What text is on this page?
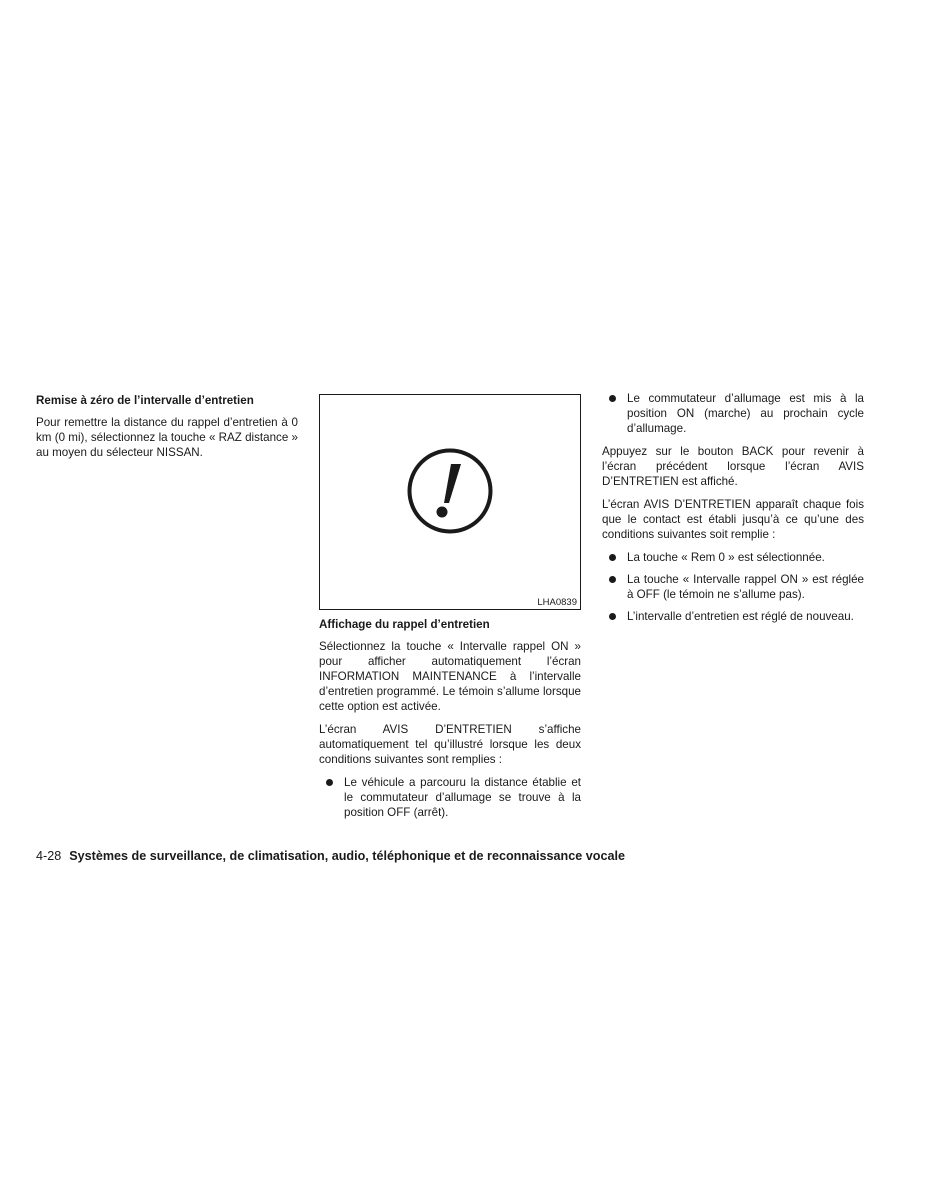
Remise à zéro de l’intervalle d’entretien

Pour remettre la distance du rappel d’entretien à 0 km (0 mi), sélectionnez la touche « RAZ distance » au moyen du sélecteur NISSAN.

LHA0839
Affichage du rappel d’entretien

Sélectionnez la touche « Intervalle rappel ON » pour afficher automatiquement l’écran INFORMATION MAINTENANCE à l’intervalle d’entretien programmé. Le témoin s’allume lorsque cette option est activée.

L’écran AVIS D’ENTRETIEN s’affiche automatiquement tel qu’illustré lorsque les deux conditions suivantes sont remplies :

Le véhicule a parcouru la distance établie et le commutateur d’allumage se trouve à la position OFF (arrêt).
Le commutateur d’allumage est mis à la position ON (marche) au prochain cycle d’allumage.

Appuyez sur le bouton BACK pour revenir à l’écran précédent lorsque l’écran AVIS D’ENTRETIEN est affiché.

L’écran AVIS D’ENTRETIEN apparaît chaque fois que le contact est établi jusqu’à ce qu’une des conditions suivantes soit remplie :

La touche « Rem 0 » est sélectionnée.
La touche « Intervalle rappel ON » est réglée à OFF (le témoin ne s’allume pas).
L’intervalle d’entretien est réglé de nouveau.
4-28 Systèmes de surveillance, de climatisation, audio, téléphonique et de reconnaissance vocale
